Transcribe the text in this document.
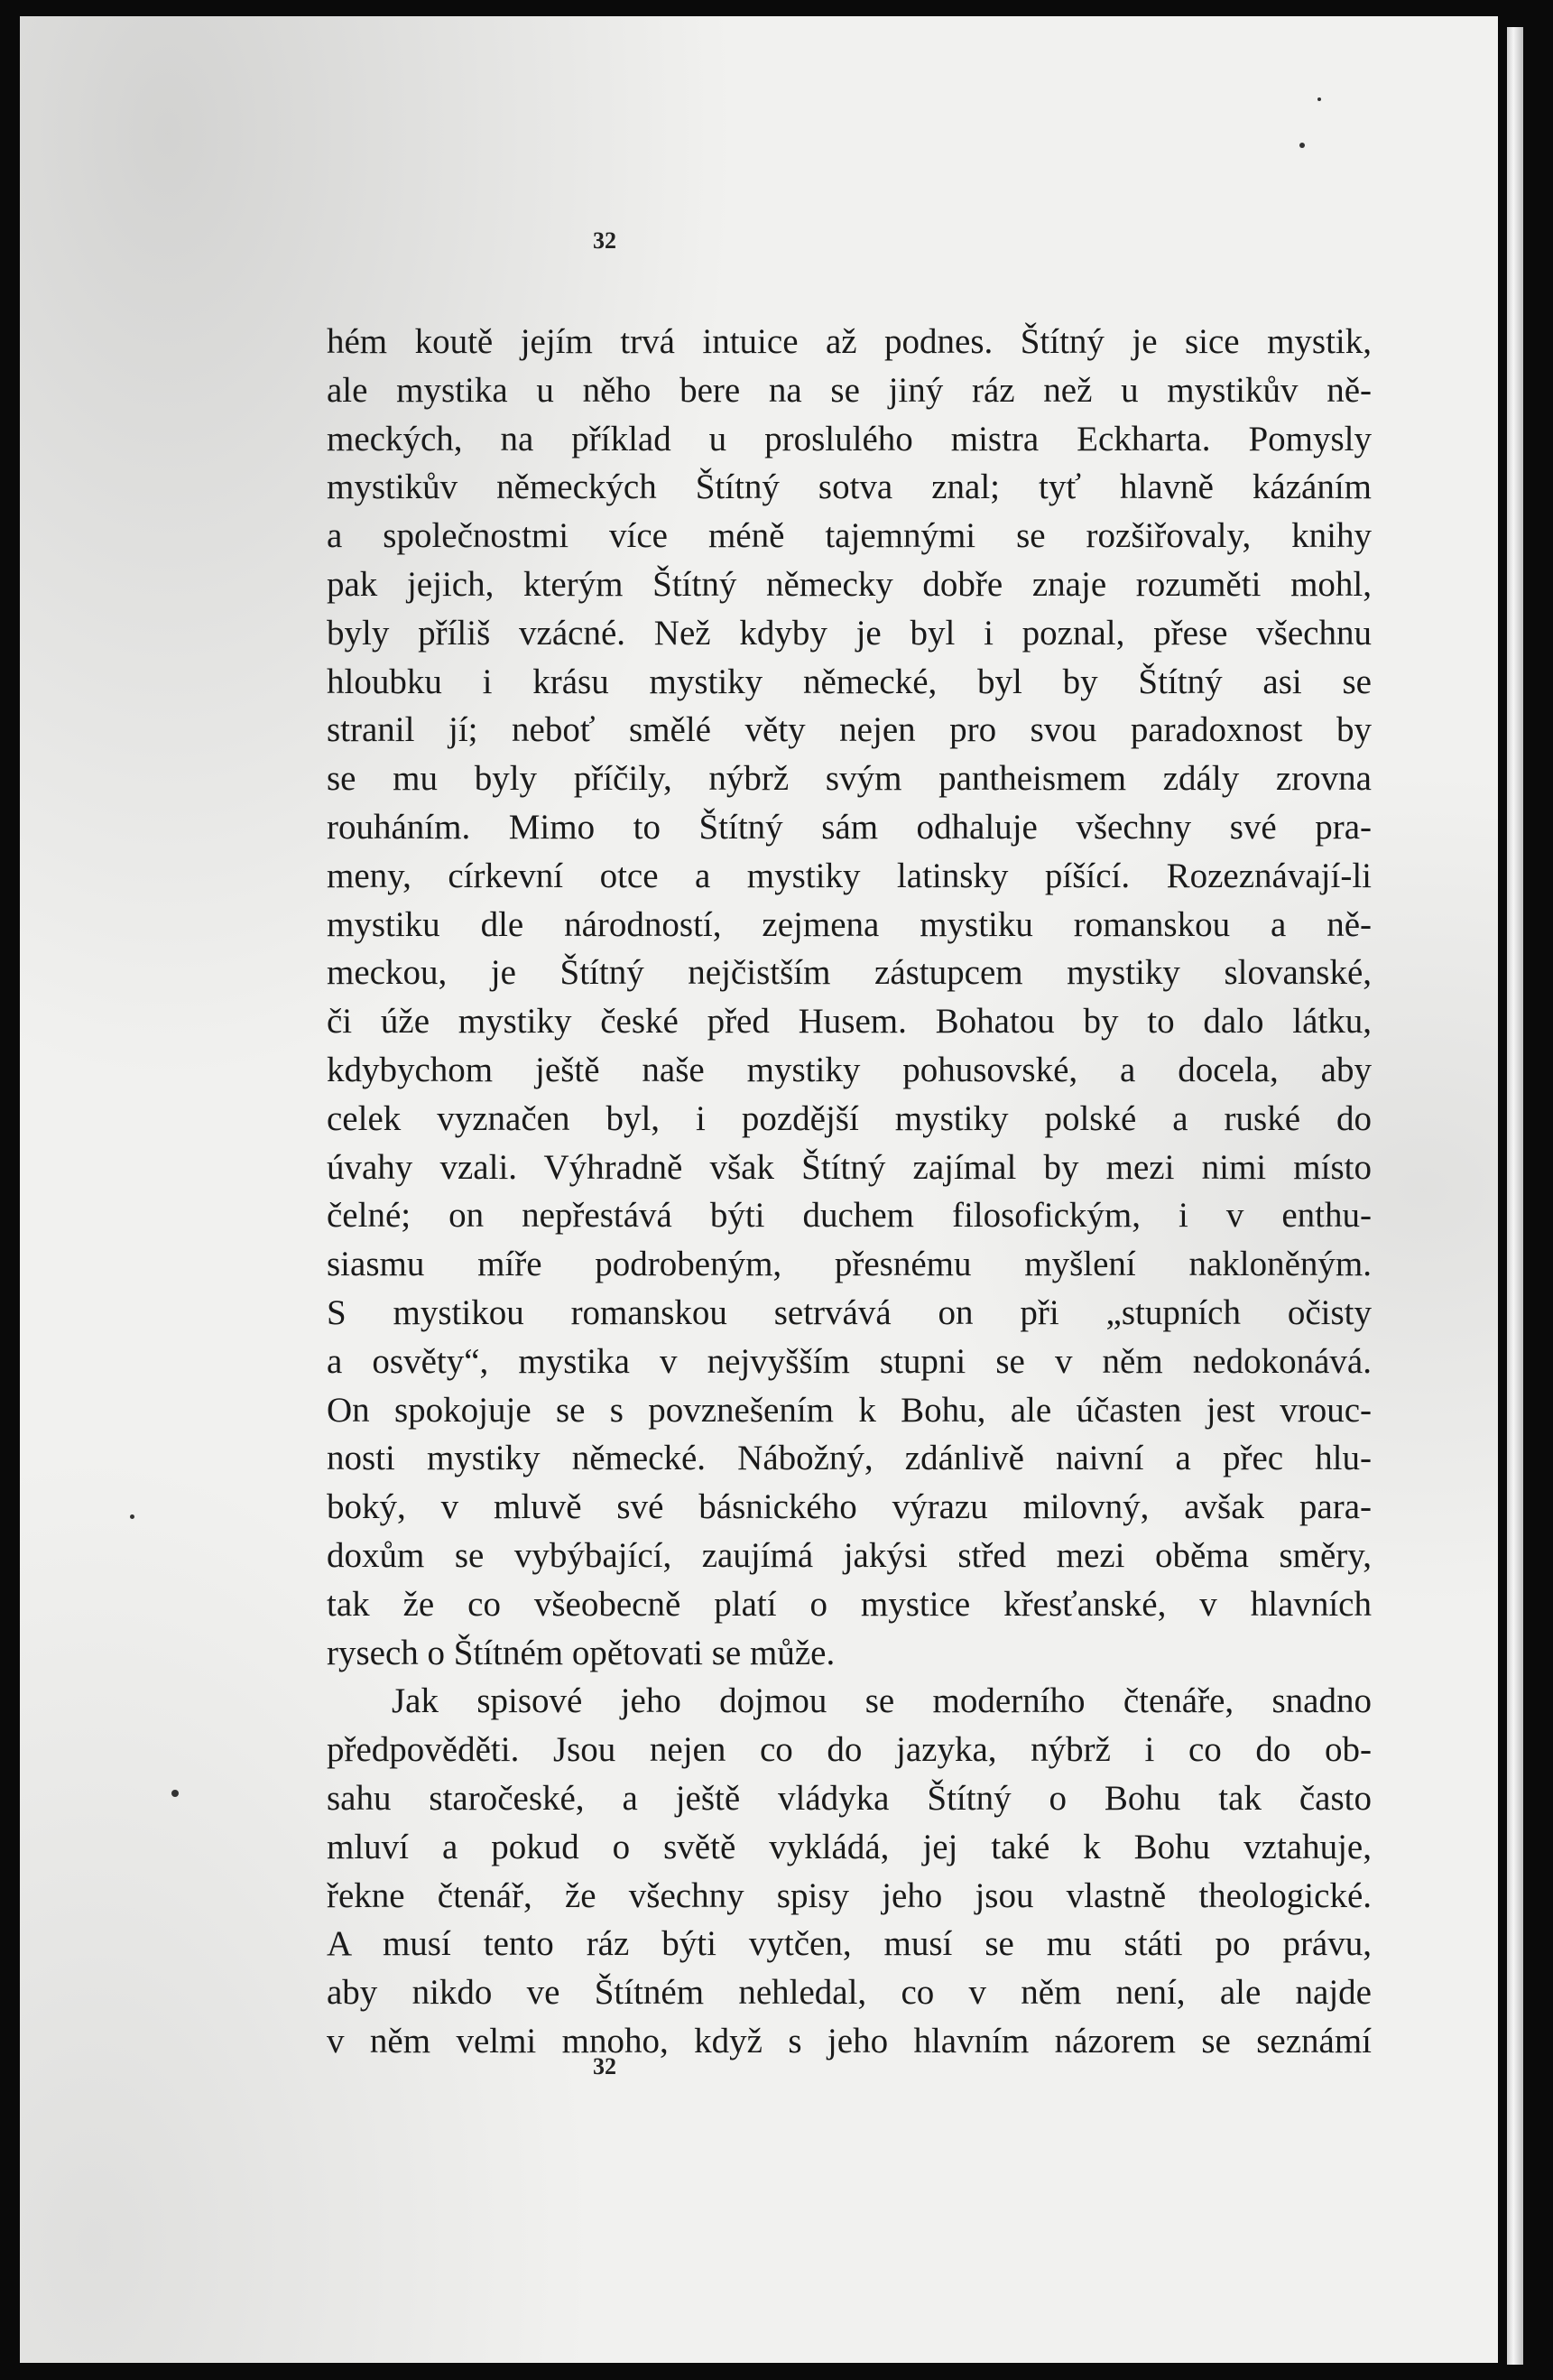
32
hém koutě jejím trvá intuice až podnes. Štítný je sice mystik,
ale mystika u něho bere na se jiný ráz než u mystikův ně-
meckých, na příklad u proslulého mistra Eckharta. Pomysly
mystikův německých Štítný sotva znal; tyť hlavně kázáním
a společnostmi více méně tajemnými se rozšiřovaly, knihy
pak jejich, kterým Štítný německy dobře znaje rozuměti mohl,
byly příliš vzácné. Než kdyby je byl i poznal, přese všechnu
hloubku i krásu mystiky německé, byl by Štítný asi se
stranil jí; neboť smělé věty nejen pro svou paradoxnost by
se mu byly příčily, nýbrž svým pantheismem zdály zrovna
rouháním. Mimo to Štítný sám odhaluje všechny své pra-
meny, církevní otce a mystiky latinsky píšící. Rozeznávají-li
mystiku dle národností, zejmena mystiku romanskou a ně-
meckou, je Štítný nejčistším zástupcem mystiky slovanské,
či úže mystiky české před Husem. Bohatou by to dalo látku,
kdybychom ještě naše mystiky pohusovské, a docela, aby
celek vyznačen byl, i pozdější mystiky polské a ruské do
úvahy vzali. Výhradně však Štítný zajímal by mezi nimi místo
čelné; on nepřestává býti duchem filosofickým, i v enthu-
siasmu míře podrobeným, přesnému myšlení nakloněným.
S mystikou romanskou setrvává on při „stupních očisty
a osvěty“, mystika v nejvyšším stupni se v něm nedokonává.
On spokojuje se s povznešením k Bohu, ale účasten jest vrouc-
nosti mystiky německé. Nábožný, zdánlivě naivní a přec hlu-
boký, v mluvě své básnického výrazu milovný, avšak para-
doxům se vybýbající, zaujímá jakýsi střed mezi oběma směry,
tak že co všeobecně platí o mystice křesťanské, v hlavních
rysech o Štítném opětovati se může.
Jak spisové jeho dojmou se moderního čtenáře, snadno
předpověděti. Jsou nejen co do jazyka, nýbrž i co do ob-
sahu staročeské, a ještě vládyka Štítný o Bohu tak často
mluví a pokud o světě vykládá, jej také k Bohu vztahuje,
řekne čtenář, že všechny spisy jeho jsou vlastně theologické.
A musí tento ráz býti vytčen, musí se mu státi po právu,
aby nikdo ve Štítném nehledal, co v něm není, ale najde
v něm velmi mnoho, když s jeho hlavním názorem se seznámí
32
